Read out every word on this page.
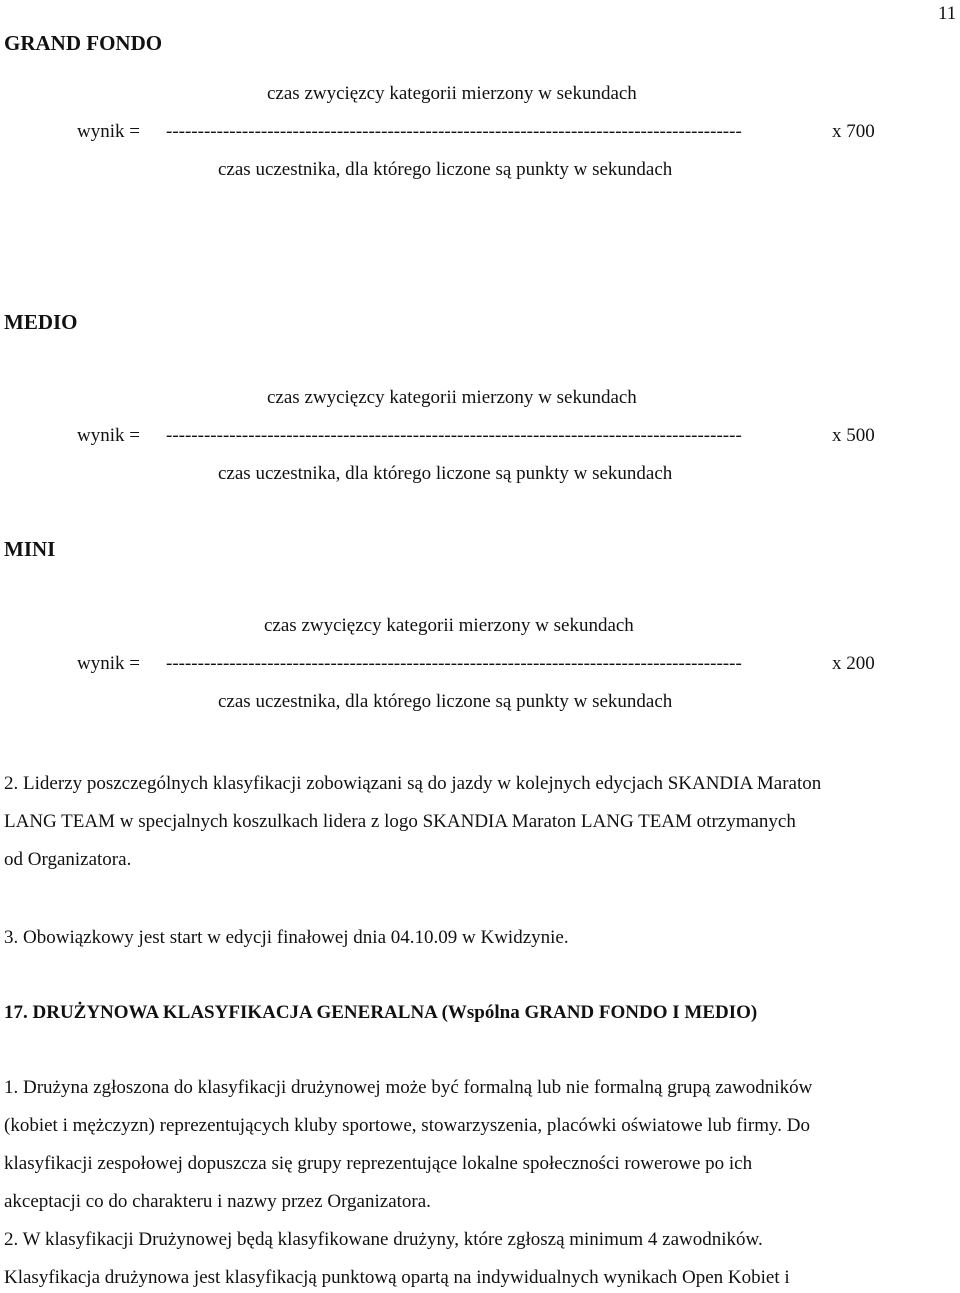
11
GRAND FONDO
czas zwycięzcy kategorii mierzony w sekundach
wynik = -------------------------------------------------------------------------------------------	x 700
czas uczestnika, dla którego liczone są punkty w sekundach
MEDIO
czas zwycięzcy kategorii mierzony w sekundach
wynik = -------------------------------------------------------------------------------------------	x 500
czas uczestnika, dla którego liczone są punkty w sekundach
MINI
czas zwycięzcy kategorii mierzony w sekundach
wynik = -------------------------------------------------------------------------------------------	x 200
czas uczestnika, dla którego liczone są punkty w sekundach
2. Liderzy poszczególnych klasyfikacji zobowiązani są do jazdy w kolejnych edycjach SKANDIA Maraton
LANG TEAM w specjalnych koszulkach lidera z logo SKANDIA Maraton LANG TEAM otrzymanych
od Organizatora.
3. Obowiązkowy jest start w edycji finałowej dnia 04.10.09 w Kwidzynie.
17. DRUŻYNOWA KLASYFIKACJA GENERALNA (Wspólna GRAND FONDO I MEDIO)
1. Drużyna zgłoszona do klasyfikacji drużynowej może być formalną lub nie formalną grupą zawodników
(kobiet i mężczyzn) reprezentujących kluby sportowe, stowarzyszenia, placówki oświatowe lub firmy. Do
klasyfikacji zespołowej dopuszcza się grupy reprezentujące lokalne społeczności rowerowe po ich
akceptacji co do charakteru i nazwy przez Organizatora.
2. W klasyfikacji Drużynowej będą klasyfikowane drużyny, które zgłoszą minimum 4 zawodników.
Klasyfikacja drużynowa jest klasyfikacją punktową opartą na indywidualnych wynikach Open Kobiet i
